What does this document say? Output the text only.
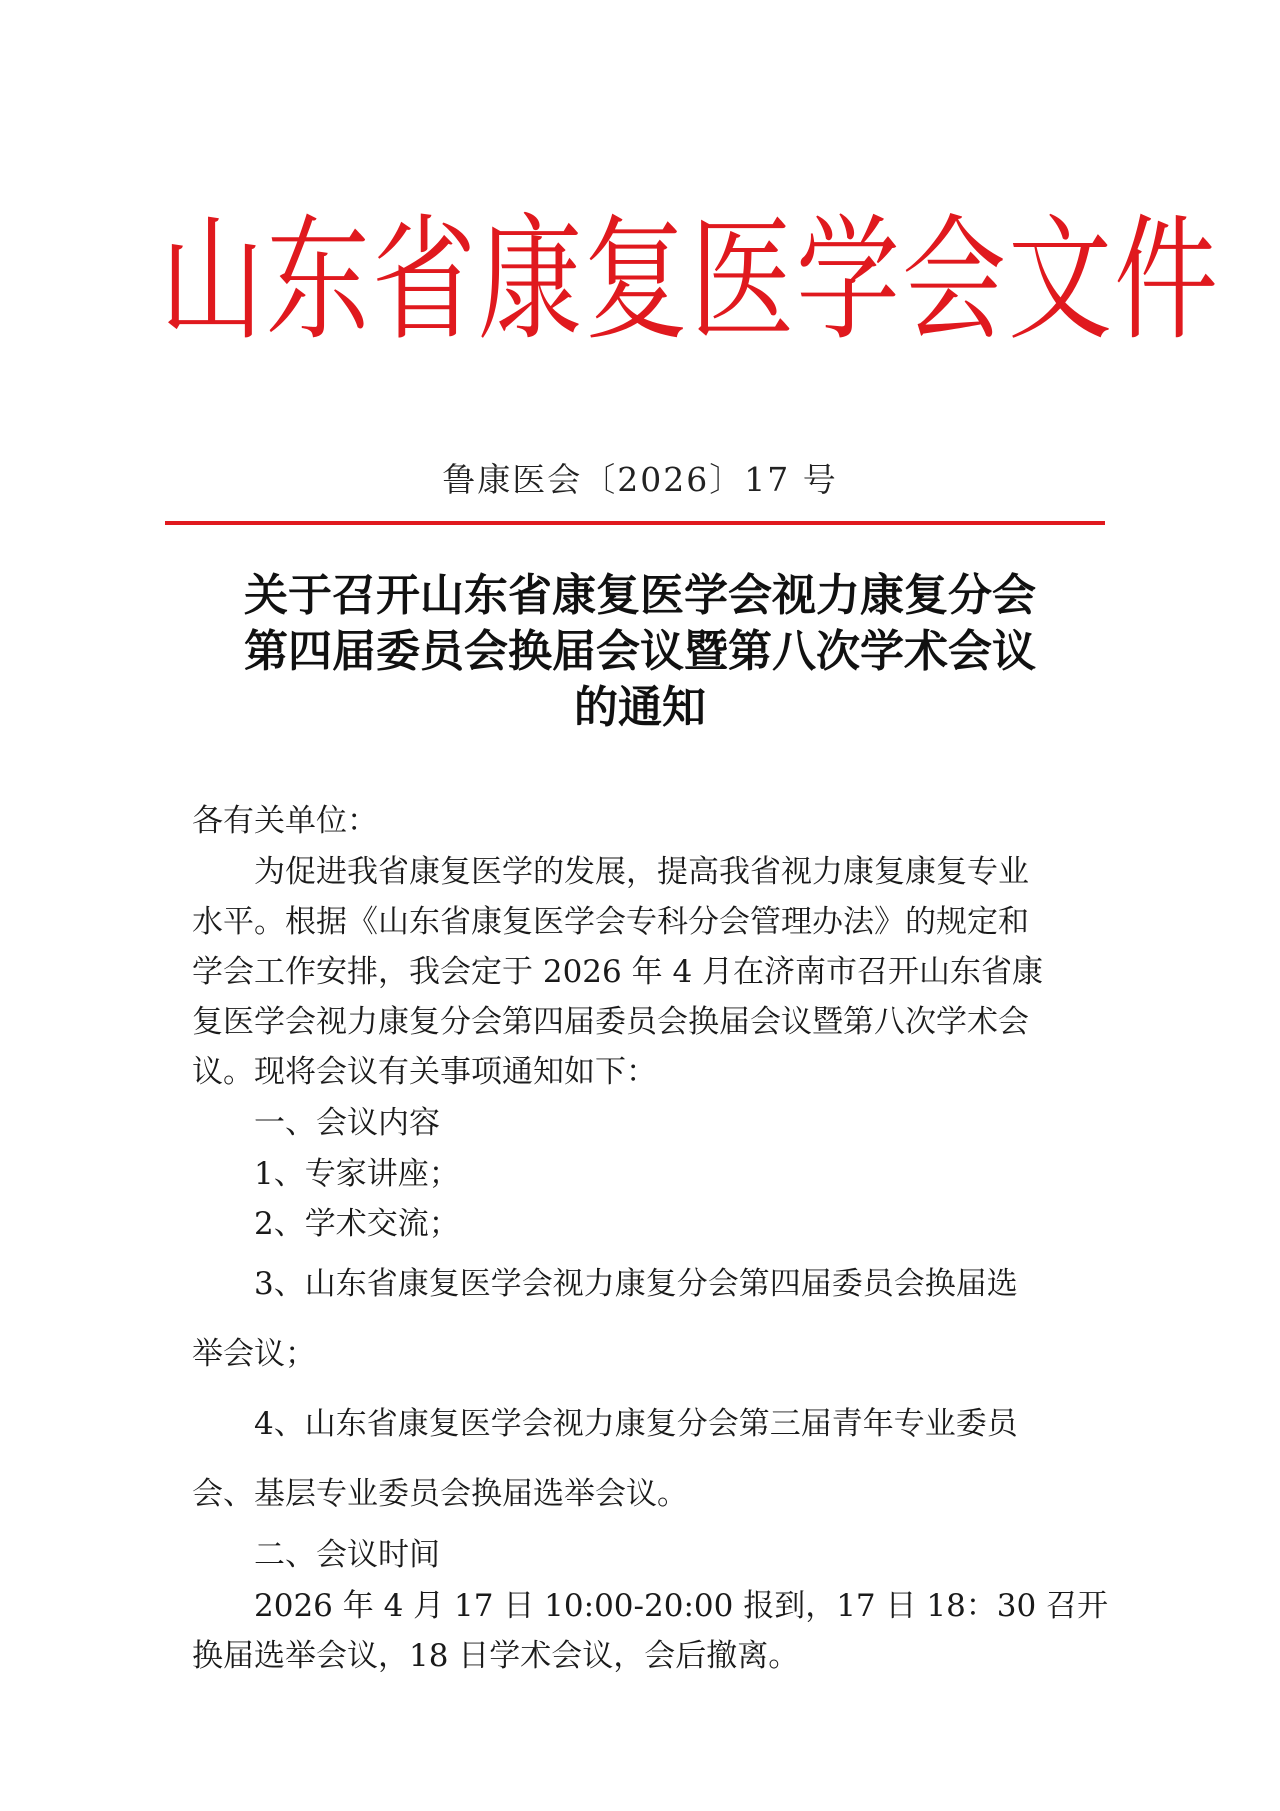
山东省康复医学会文件
鲁康医会〔2026〕17 号
关于召开山东省康复医学会视力康复分会
第四届委员会换届会议暨第八次学术会议
的通知
各有关单位：
为促进我省康复医学的发展，提高我省视力康复康复专业
水平。根据《山东省康复医学会专科分会管理办法》的规定和
学会工作安排，我会定于 2026 年 4 月在济南市召开山东省康
复医学会视力康复分会第四届委员会换届会议暨第八次学术会
议。现将会议有关事项通知如下：
一、会议内容
1、专家讲座；
2、学术交流；
3、山东省康复医学会视力康复分会第四届委员会换届选
举会议；
4、山东省康复医学会视力康复分会第三届青年专业委员
会、基层专业委员会换届选举会议。
二、会议时间
2026 年 4 月 17 日 10:00-20:00 报到，17 日 18：30 召开
换届选举会议，18 日学术会议，会后撤离。
